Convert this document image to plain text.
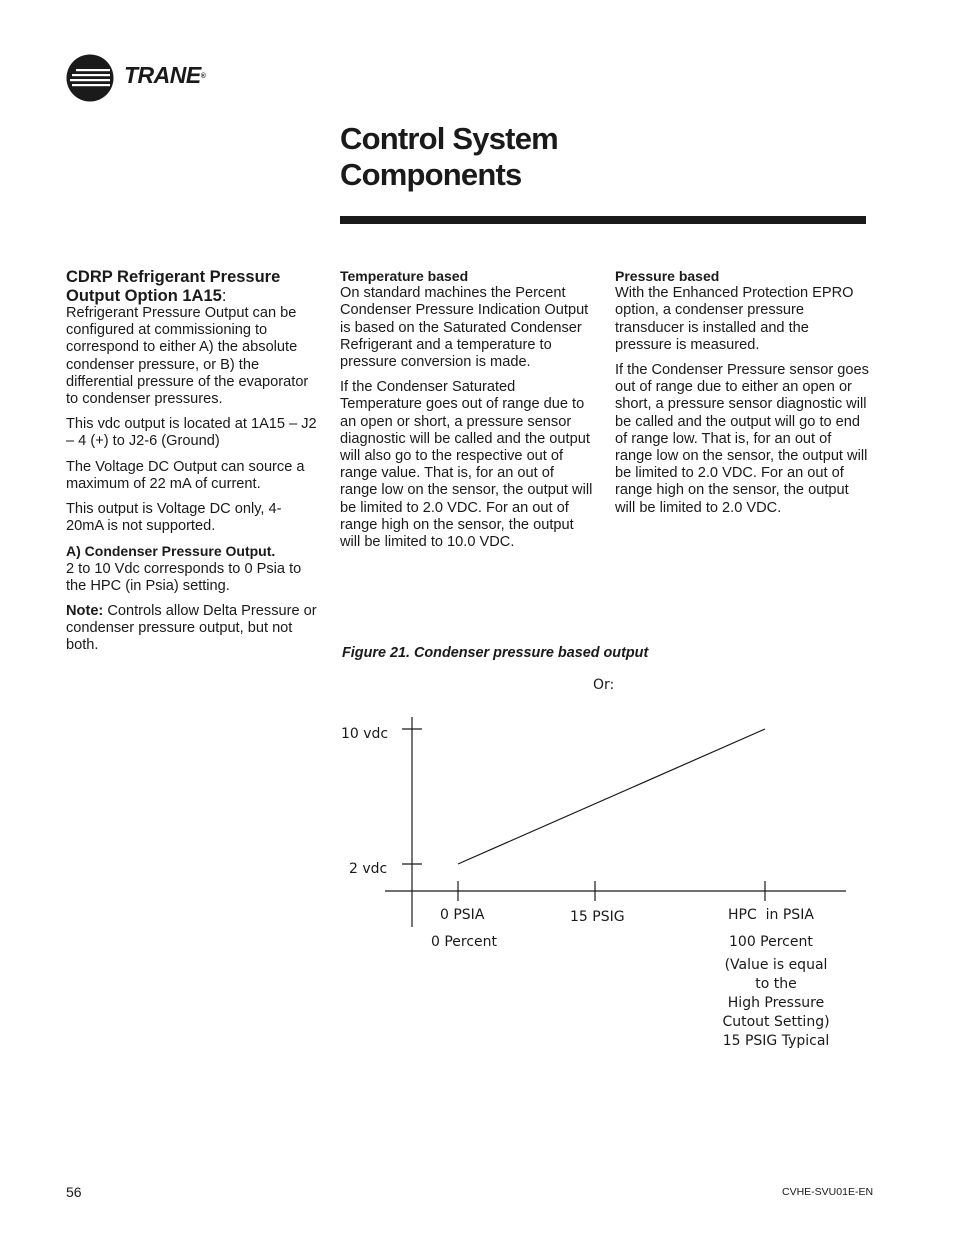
TRANE®
Control System
Components
CDRP Refrigerant Pressure Output Option 1A15:

Refrigerant Pressure Output can be configured at commissioning to correspond to either A) the absolute condenser pressure, or B) the differential pressure of the evaporator to condenser pressures.

This vdc output is located at 1A15 – J2 – 4 (+) to J2-6 (Ground)

The Voltage DC Output can source a maximum of 22 mA of current.

This output is Voltage DC only, 4-20mA is not supported.

A) Condenser Pressure Output.
2 to 10 Vdc corresponds to 0 Psia to the HPC (in Psia) setting.

Note: Controls allow Delta Pressure or condenser pressure output, but not both.

Temperature based

On standard machines the Percent Condenser Pressure Indication Output is based on the Saturated Condenser Refrigerant and a temperature to pressure conversion is made.

If the Condenser Saturated Temperature goes out of range due to an open or short, a pressure sensor diagnostic will be called and the output will also go to the respective out of range value. That is, for an out of range low on the sensor, the output will be limited to 2.0 VDC. For an out of range high on the sensor, the output will be limited to 10.0 VDC.

Pressure based

With the Enhanced Protection EPRO option, a condenser pressure transducer is installed and the pressure is measured.

If the Condenser Pressure sensor goes out of range due to either an open or short, a pressure sensor diagnostic will be called and the output will go to end of range low. That is, for an out of range low on the sensor, the output will be limited to 2.0 VDC. For an out of range high on the sensor, the output will be limited to 2.0 VDC.

Figure 21. Condenser pressure based output
Or:
10 vdc
2 vdc
0 PSIA	15 PSIG	HPC  in PSIA
0 Percent	100 Percent
(Value is equal
to the
High Pressure
Cutout Setting)
15 PSIG Typical
56	CVHE-SVU01E-EN
